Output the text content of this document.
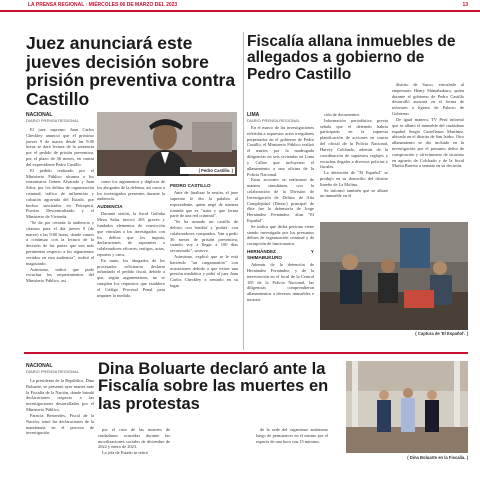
LA PRENSA REGIONAL · MIÉRCOLES 06 DE MARZO DEL 2023	13
Juez anunciará este jueves decisión sobre prisión preventiva contra Castillo
NACIONAL
DIARIO PRENSA REGIONAL

El juez supremo Juan Carlos Checkley anunció que el próximo jueves 9 de marzo desde las 9:00 horas se dará lectura de la sentencia por el pedido de prisión preventiva, por el plazo de 36 meses, en contra del expresidente Pedro Castillo.

El pedido realizado por el Ministerio Público alcanza a los exministros Geiner Alvarado y Juan Silva; por los delitos de organización criminal, tráfico de influencias y colusión agravada del Estado, por hechos suscitados en Petroperú, Provías Descentralizado y el Ministerio de Vivienda.

"Se da por cerrada la audiencia y citamos para el día jueves 9 (de marzo) a las 9:00 horas, donde vamos a continuar con la lectura de la decisión de las partes que son más pertinentes respecto a los argumentos vertidos en esta audiencia", indicó el magistrado.

Asimismo, indicó que pudo escuchar los requerimientos del Ministerio Público, así

( Pedro Castillo. )

como los argumentos y dúplicas de los abogados de la defensa, así como a los investigados presentes durante la audiencia.

AUDIENCIA

Durante sesión, la fiscal Galinka Meza Salas invocó 283 graves y fundados elementos de convicción que vinculan a los investigados con los delitos que les imputa, declaraciones de aspirantes a colaboradores eficaces, testigos, actas, reportes y otros.

En tanto, los abogados de los procesados solicitaron declarar infundado el pedido fiscal, debido a que, según argumentaron, no se cumplen los requisitos que establece el Código Procesal Penal para imponer la medida.

PEDRO CASTILLO

Ante de finalizar la sesión, el juez supremo le dio la palabra al expresidente, quien negó de manera rotunda que es "autor y que forma parte de una red criminal".

"Se ha armado un castillo de delitos, con 'tendría' y 'podría', con colaboradores comprados. Van a pedir 36 meses de prisión preventiva, cuando voy a llegar a 100 días secuestrado", sostuvo.

Asimismo, explicó que se le está haciendo "un cargamontón" con acusaciones debido a que existe una presión mediática y pidió al juez Juan Carlos Checkley a sentarlo en su lugar.

Fiscalía allana inmuebles de allegados a gobierno de Pedro Castillo
LIMA
DIARIO PRENSA REGIONAL

En el marco de las investigaciones referidas a supuestos actos irregulares perpetrados en el gobierno de Pedro Castillo, el Ministerio Público realizó el martes por la madrugada diligencias en seis viviendas en Lima y Callao que incluyeron el allanamiento a una oficina de la Policía Nacional.

Estas acciones se realizaron de manera simultánea, con la colaboración de la División de Investigación de Delitos de Alta Complejidad (Diviac) principal de élite fue la defensoría de Jorge Hernández Fernández, alias "El Español".

Se indica que dicha persona viene siendo investigada por los presuntos delitos de organización criminal y de corrupción de funcionarios.

HERNÁNDEZ Y SHIMABUKURO

Además de la detención de Hernández Fernández, y de la intervención en el local de la Central 105 de la Policía Nacional, las diligencias comprendieron allanamientos a diversos inmuebles e incauta-

ción de documentos.

Información periodística previa señala que el detenido habría participado en la supuesta planificación de acciones en contra del oficial de la Policía Nacional, Harvey Colchado, además de la coordinación de supuestos reglajes y escuchas ilegales a diversos policías y fiscales.

La detención de "El Español" se produjo en su domicilio del distrito limeño de La Molina.

Se informó también que se allanó un inmueble en el

distrito de Surco, vinculado al empresario Henry Shimabukuro, quien durante el gobierno de Pedro Castillo desarrolló asesoría en el forma de informes a ligeros de Palacio de Gobierno.

De igual manera, TV Perú informó que se allanó el inmueble del ciudadano español Sergio Castellanos Martínez, ubicado en el distrito de San Isidro. Otro allanamiento se dio incluido en la investigación por el presunto delito de conspiración y ofrecimiento de sicariato en agravio de Colchado y de la fiscal Marita Barreto a sensato en su decisión.

( Captura de 'El Español'. )
NACIONAL
DIARIO PRENSA REGIONAL

La presidenta de la República, Dina Boluarte, se presentó ayer martes ante la Fiscalía de la Nación, donde brindó declaraciones respecto a las investigaciones desarrolladas por el Ministerio Público.

Patricia Benavides, Fiscal de la Nación, tomó las declaraciones de la mandataria en el proceso de investigación

Dina Boluarte declaró ante la Fiscalía sobre las muertes en las protestas

por el caso de las muertes de ciudadanos ocurridas durante las movilizaciones sociales de diciembre de 2022 y enero de 2023.

La jefa de Estado se retiró

de la sede del organismo autónomo luego de permanecer en el mismo por el espacio de una hora con 15 minutos.

( Dina Boluarte en la Fiscalía. )
